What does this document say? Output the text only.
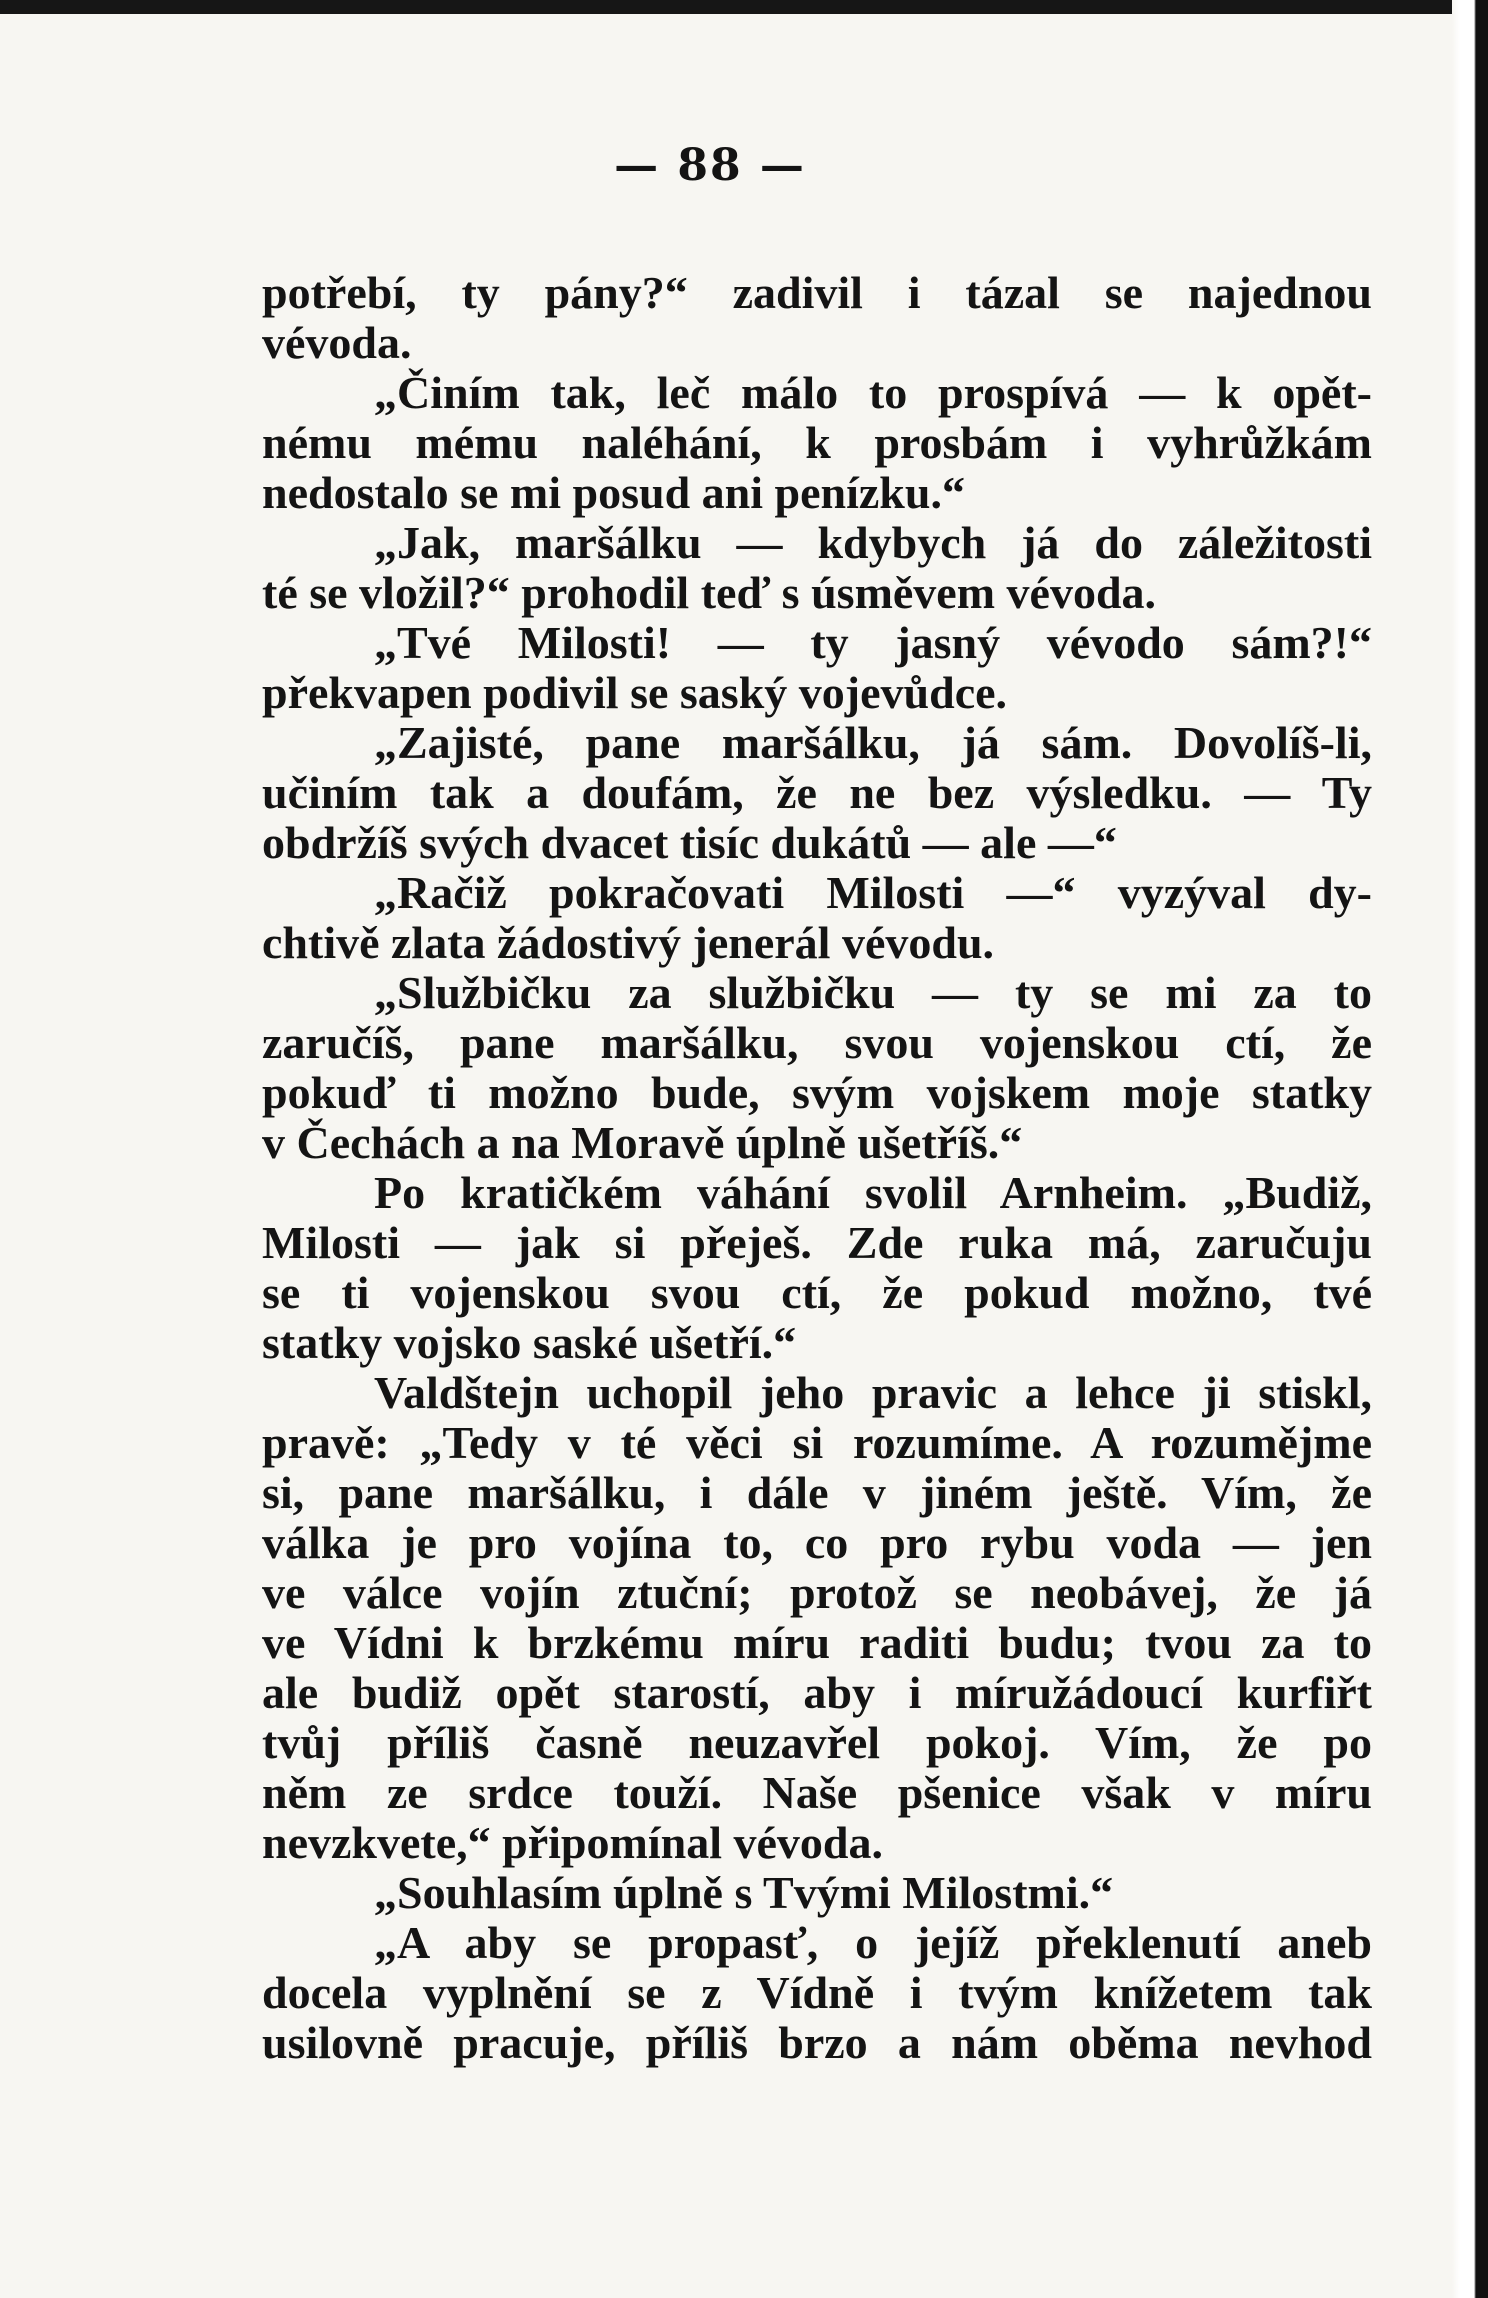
— 88 —
potřebí, ty pány?“ zadivil i tázal se najednou
vévoda.
„Činím tak, leč málo to prospívá — k opět-
nému mému naléhání, k prosbám i vyhrůžkám
nedostalo se mi posud ani penízku.“
„Jak, maršálku — kdybych já do záležitosti
té se vložil?“ prohodil teď s úsměvem vévoda.
„Tvé Milosti! — ty jasný vévodo sám?!“
překvapen podivil se saský vojevůdce.
„Zajisté, pane maršálku, já sám. Dovolíš-li,
učiním tak a doufám, že ne bez výsledku. — Ty
obdržíš svých dvacet tisíc dukátů — ale —“
„Račiž pokračovati Milosti —“ vyzýval dy-
chtivě zlata žádostivý jenerál vévodu.
„Službičku za službičku — ty se mi za to
zaručíš, pane maršálku, svou vojenskou ctí, že
pokuď ti možno bude, svým vojskem moje statky
v Čechách a na Moravě úplně ušetříš.“
Po kratičkém váhání svolil Arnheim. „Budiž,
Milosti — jak si přeješ. Zde ruka má, zaručuju
se ti vojenskou svou ctí, že pokud možno, tvé
statky vojsko saské ušetří.“
Valdštejn uchopil jeho pravic a lehce ji stiskl,
pravě: „Tedy v té věci si rozumíme. A rozumějme
si, pane maršálku, i dále v jiném ještě. Vím, že
válka je pro vojína to, co pro rybu voda — jen
ve válce vojín ztuční; protož se neobávej, že já
ve Vídni k brzkému míru raditi budu; tvou za to
ale budiž opět starostí, aby i míružádoucí kurfiřt
tvůj příliš časně neuzavřel pokoj. Vím, že po
něm ze srdce touží. Naše pšenice však v míru
nevzkvete,“ připomínal vévoda.
„Souhlasím úplně s Tvými Milostmi.“
„A aby se propasť, o jejíž překlenutí aneb
docela vyplnění se z Vídně i tvým knížetem tak
usilovně pracuje, příliš brzo a nám oběma nevhod
